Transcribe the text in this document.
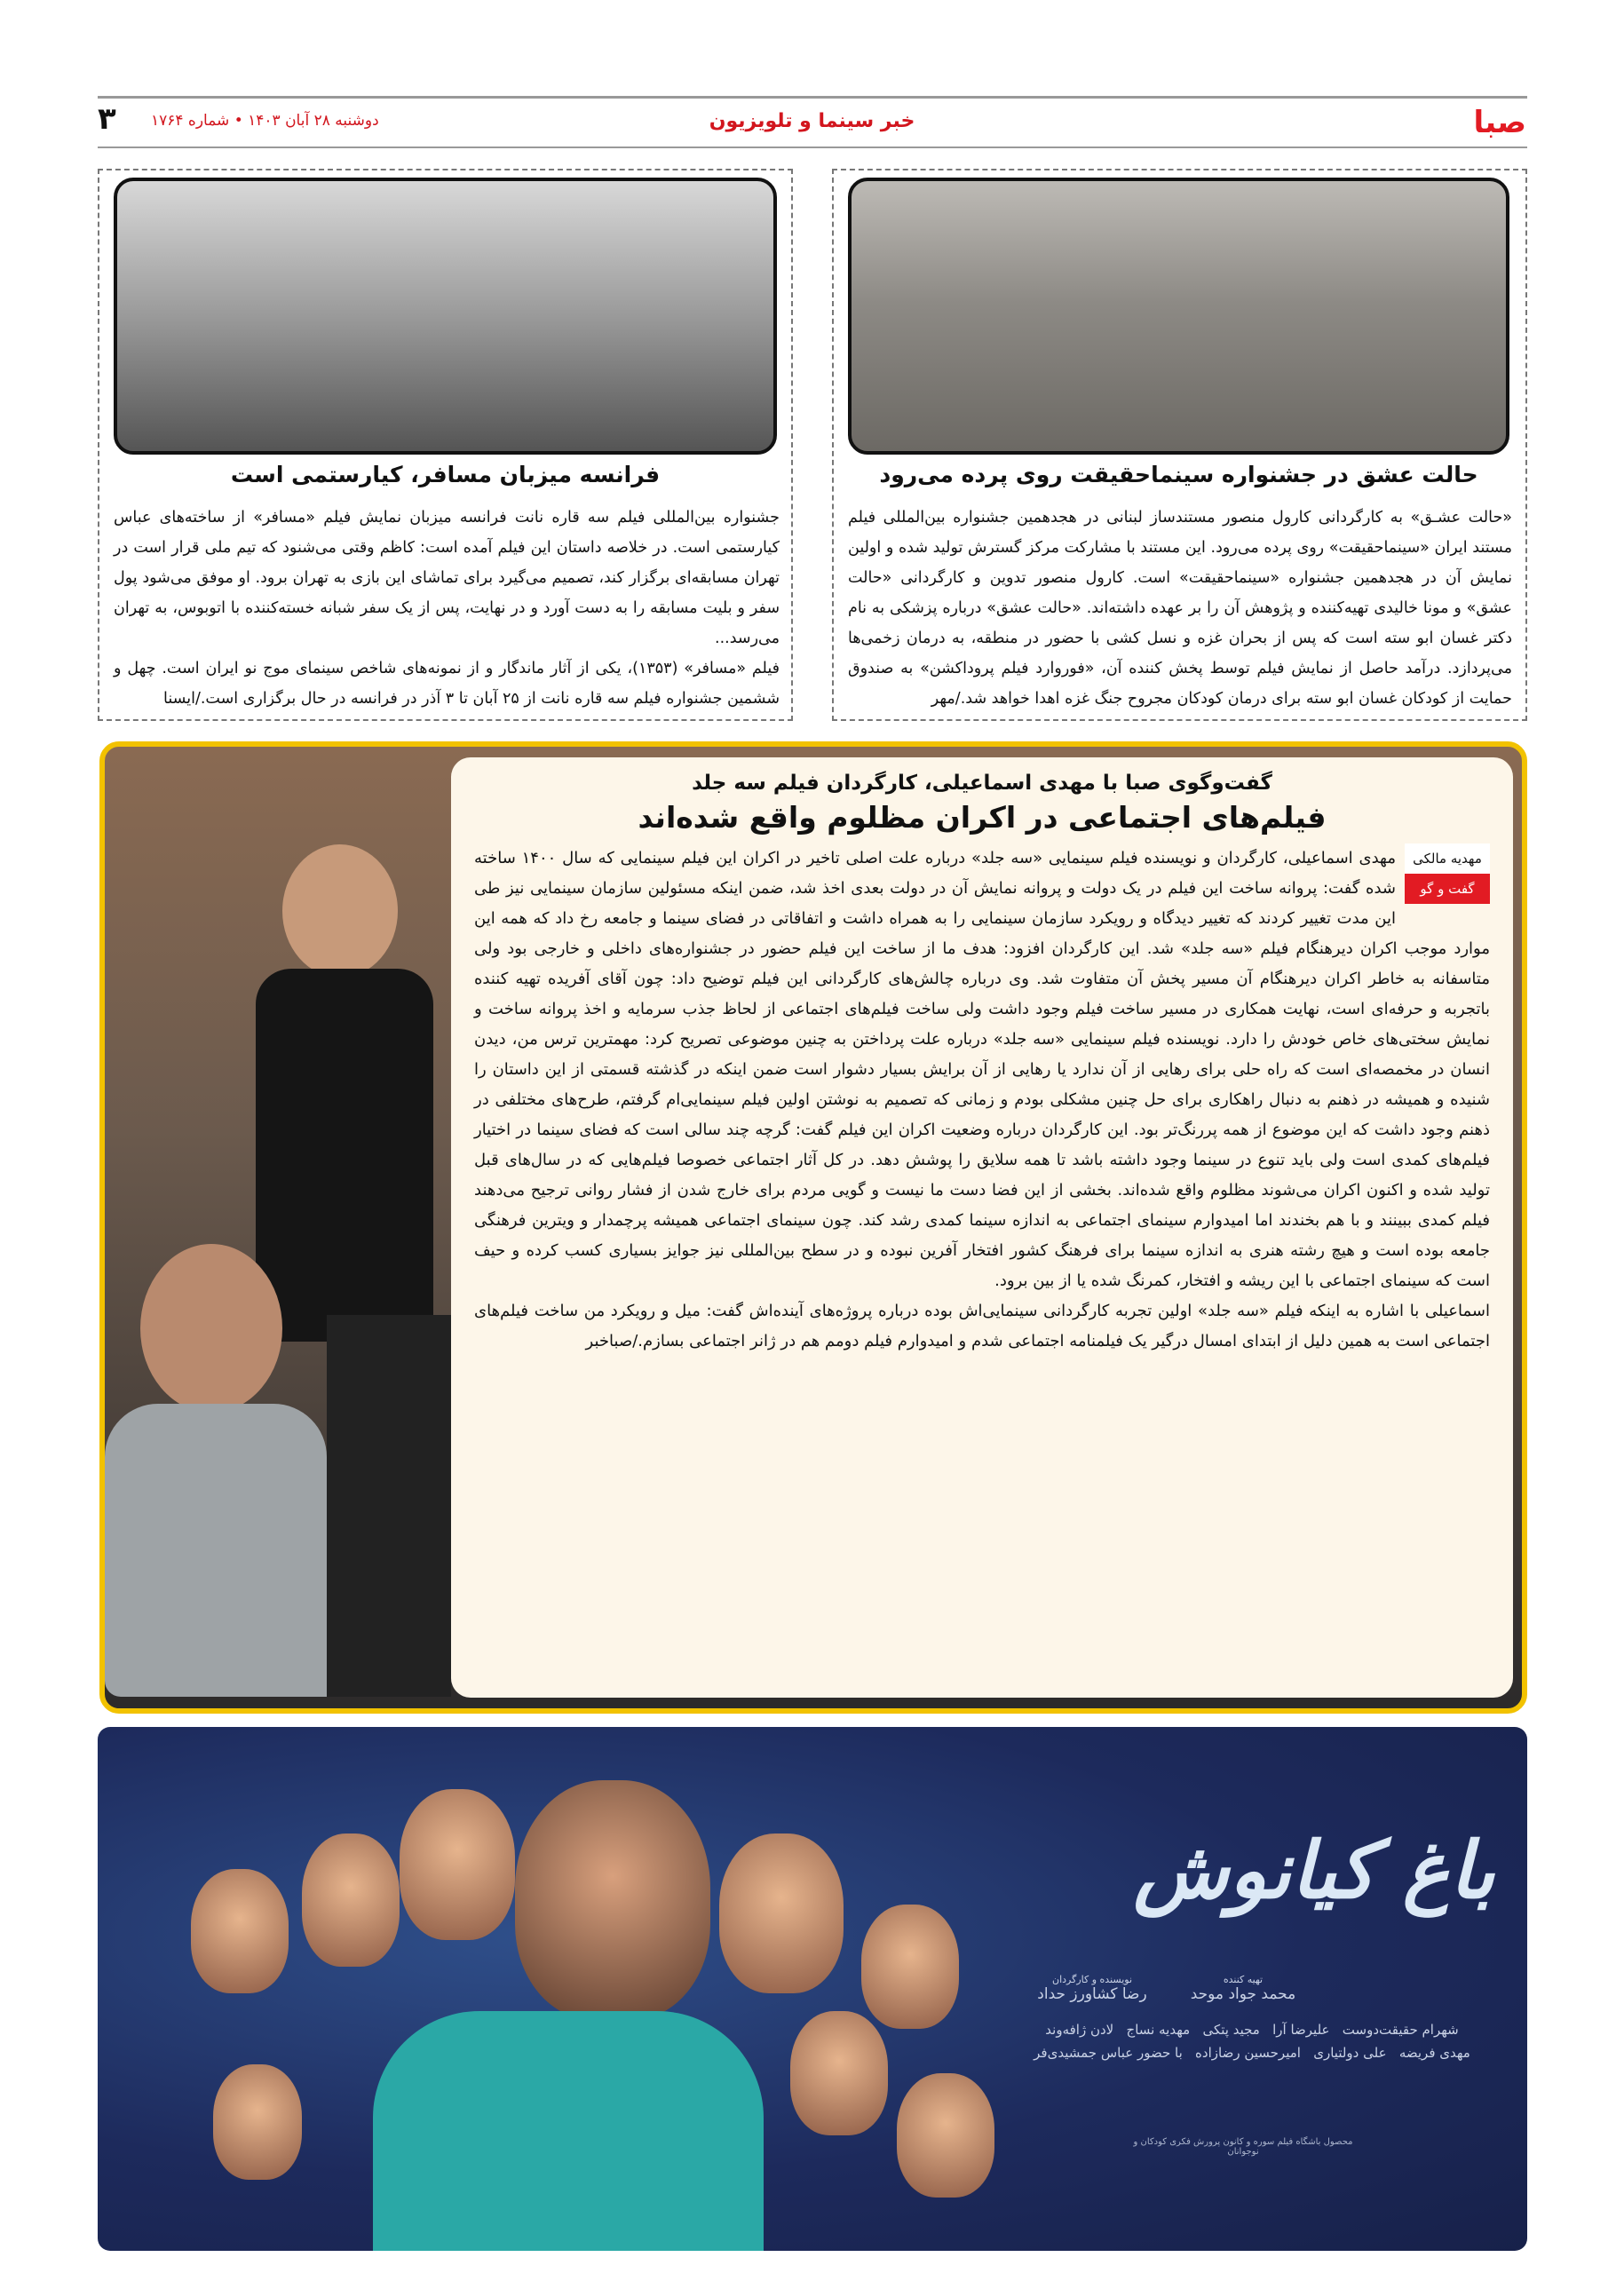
صبا
خبر سینما و تلویزیون
دوشنبه ۲۸ آبان ۱۴۰۳ • شماره ۱۷۶۴
۳
حالت عشق در جشنواره سینماحقیقت روی پرده می‌رود
«حالت عشـق» به کارگردانی کارول منصور مستندساز لبنانی در هجدهمین جشنواره بین‌المللی فیلم مستند ایران «سینماحقیقت» روی پرده می‌رود. این مستند با مشارکت مرکز گسترش تولید شده و اولین نمایش آن در هجدهمین جشنواره «سینماحقیقت» است. کارول منصور تدوین و کارگردانی «حالت عشق» و مونا خالیدی تهیه‌کننده و پژوهش آن را بر عهده داشته‌اند. «حالت عشق» درباره پزشکی به نام دکتر غسان ابو سته است که پس از بحران غزه و نسل کشی با حضور در منطقه، به درمان زخمی‌ها می‌پردازد. درآمد حاصل از نمایش فیلم توسط پخش کننده آن، «فوروارد فیلم پروداکشن» به صندوق حمایت از کودکان غسان ابو سته برای درمان کودکان مجروح جنگ غزه اهدا خواهد شد./مهر
فرانسه میزبان مسافر، کیارستمی است
جشنواره بین‌المللی فیلم سه قاره نانت فرانسه میزبان نمایش فیلم «مسافر» از ساخته‌های عباس کیارستمی است. در خلاصه داستان این فیلم آمده است: کاظم وقتی می‌شنود که تیم ملی قرار است در تهران مسابقه‌ای برگزار کند، تصمیم می‌گیرد برای تماشای این بازی به تهران برود. او موفق می‌شود پول سفر و بلیت مسابقه را به دست آورد و در نهایت، پس از یک سفر شبانه خسته‌کننده با اتوبوس، به تهران می‌رسد...
فیلم «مسافر» (۱۳۵۳)، یکی از آثار ماندگار و از نمونه‌های شاخص سینمای موج نو ایران است. چهل و ششمین جشنواره فیلم سه قاره نانت از ۲۵ آبان تا ۳ آذر در فرانسه در حال برگزاری است./ایسنا
گفت‌وگوی صبا با مهدی اسماعیلی، کارگردان فیلم سه جلد
فیلم‌های اجتماعی در اکران مظلوم واقع شده‌اند
مهدیه مالکی
گفت و گو

مهدی اسماعیلی، کارگردان و نویسنده فیلم سینمایی «سه جلد» درباره علت اصلی تاخیر در اکران این فیلم سینمایی که سال ۱۴۰۰ ساخته شده گفت: پروانه ساخت این فیلم در یک دولت و پروانه نمایش آن در دولت بعدی اخذ شد، ضمن اینکه مسئولین سازمان سینمایی نیز طی این مدت تغییر کردند که تغییر دیدگاه و رویکرد سازمان سینمایی را به همراه داشت و اتفاقاتی در فضای سینما و جامعه رخ داد که همه این موارد موجب اکران دیرهنگام فیلم «سه جلد» شد. این کارگردان افزود: هدف ما از ساخت این فیلم حضور در جشنواره‌های داخلی و خارجی بود ولی متاسفانه به خاطر اکران دیرهنگام آن مسیر پخش آن متفاوت شد. وی درباره چالش‌های کارگردانی این فیلم توضیح داد: چون آقای آفریده تهیه کننده باتجربه و حرفه‌ای است، نهایت همکاری در مسیر ساخت فیلم وجود داشت ولی ساخت فیلم‌های اجتماعی از لحاظ جذب سرمایه و اخذ پروانه ساخت و نمایش سختی‌های خاص خودش را دارد. نویسنده فیلم سینمایی «سه جلد» درباره علت پرداختن به چنین موضوعی تصریح کرد: مهمترین ترس من، دیدن انسان در مخمصه‌ای است که راه حلی برای رهایی از آن ندارد یا رهایی از آن برایش بسیار دشوار است ضمن اینکه در گذشته قسمتی از این داستان را شنیده و همیشه در ذهنم به دنبال راهکاری برای حل چنین مشکلی بودم و زمانی که تصمیم به نوشتن اولین فیلم سینمایی‌ام گرفتم، طرح‌های مختلفی در ذهنم وجود داشت که این موضوع از همه پررنگ‌تر بود. این کارگردان درباره وضعیت اکران این فیلم گفت: گرچه چند سالی است که فضای سینما در اختیار فیلم‌های کمدی است ولی باید تنوع در سینما وجود داشته باشد تا همه سلایق را پوشش دهد. در کل آثار اجتماعی خصوصا فیلم‌هایی که در سال‌های قبل تولید شده و اکنون اکران می‌شوند مظلوم واقع شده‌اند. بخشی از این فضا دست ما نیست و گویی مردم برای خارج شدن از فشار روانی ترجیح می‌دهند فیلم کمدی ببینند و با هم بخندند اما امیدوارم سینمای اجتماعی به اندازه سینما کمدی رشد کند. چون سینمای اجتماعی همیشه پرچمدار و ویترین فرهنگی جامعه بوده است و هیچ رشته هنری به اندازه سینما برای فرهنگ کشور افتخار آفرین نبوده و در سطح بین‌المللی نیز جوایز بسیاری کسب کرده و حیف است که سینمای اجتماعی با این ریشه و افتخار، کمرنگ شده یا از بین برود.

اسماعیلی با اشاره به اینکه فیلم «سه جلد» اولین تجربه کارگردانی سینمایی‌اش بوده درباره پروژه‌های آینده‌اش گفت: میل و رویکرد من ساخت فیلم‌های اجتماعی است به همین دلیل از ابتدای امسال درگیر یک فیلمنامه اجتماعی شدم و امیدوارم فیلم دومم هم در ژانر اجتماعی بسازم./صباخبر

باغ کیانوش
تهیه کننده
محمد جواد موحد
نویسنده و کارگردان
رضا کشاورز حداد
شهرام حقیقت‌دوست   علیرضا آرا   مجید پتکی   مهدیه نساج   لادن ژافه‌وند
مهدی فریضه   علی دولتیاری   امیرحسین رضازاده   با حضور عباس جمشیدی‌فر
محصول باشگاه فیلم سوره و کانون پرورش فکری کودکان و نوجوانان
